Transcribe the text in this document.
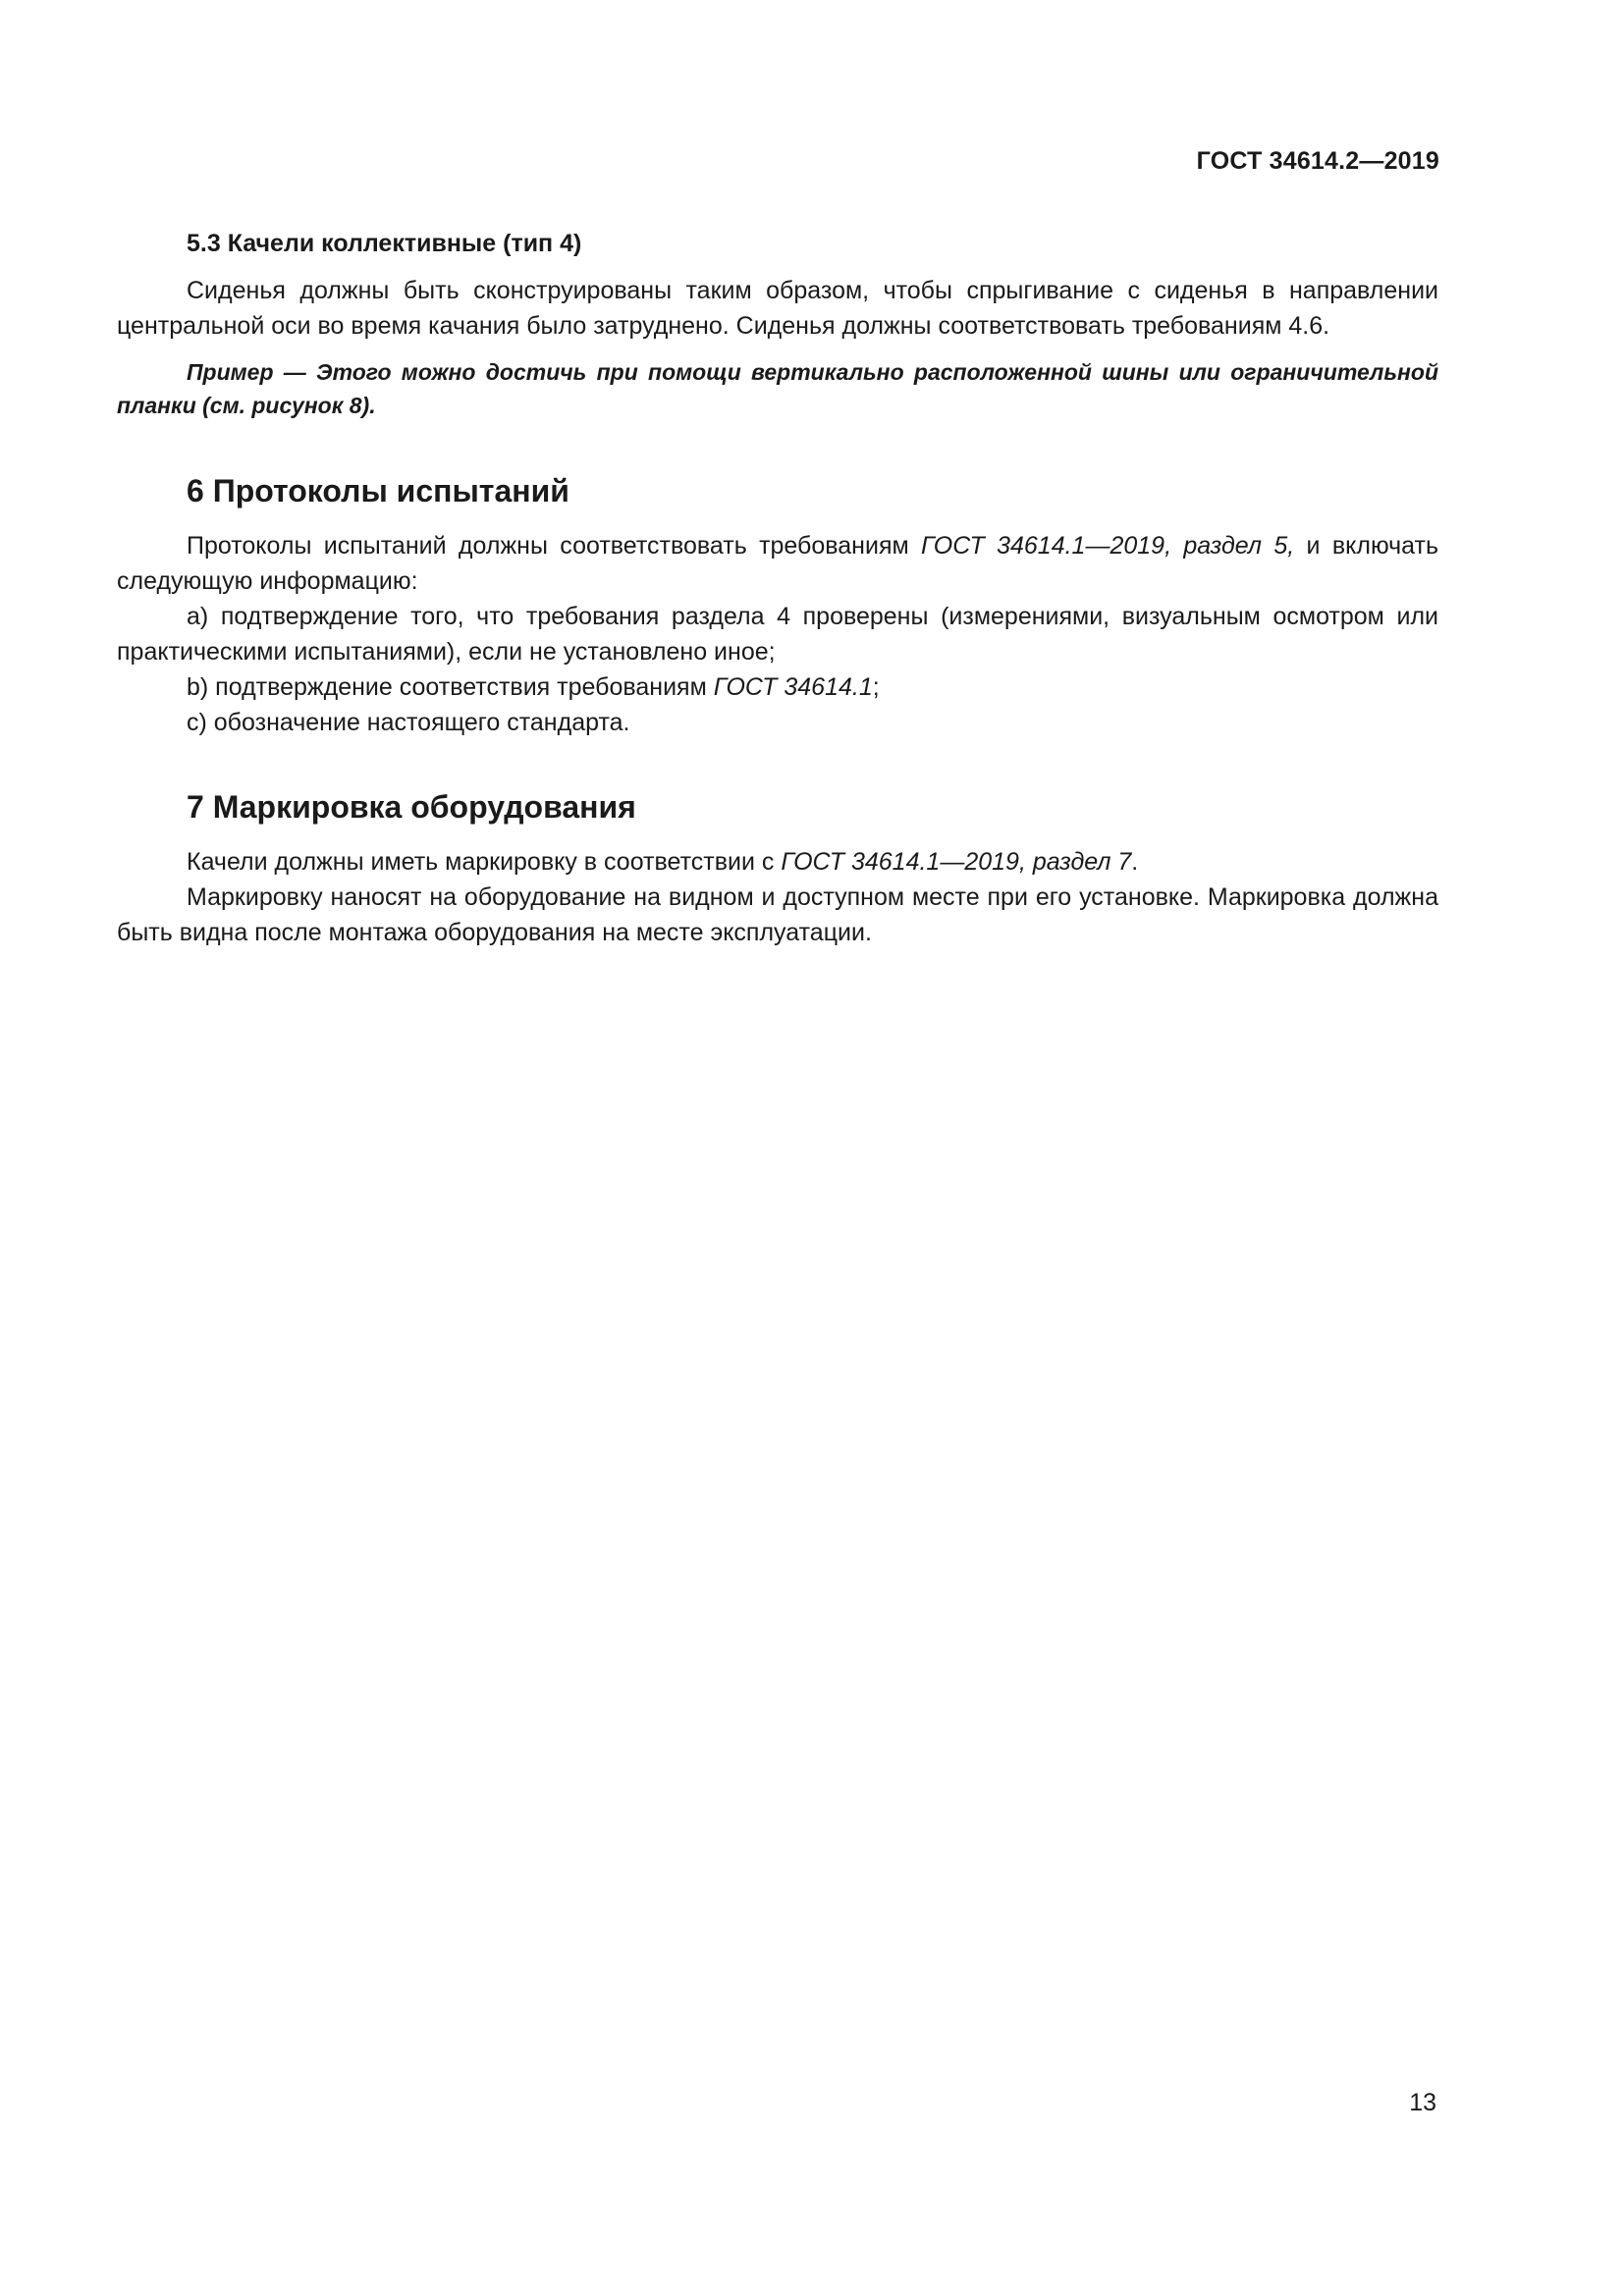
ГОСТ 34614.2—2019
5.3 Качели коллективные (тип 4)

Сиденья должны быть сконструированы таким образом, чтобы спрыгивание с сиденья в направлении центральной оси во время качания было затруднено. Сиденья должны соответствовать требованиям 4.6.

Пример — Этого можно достичь при помощи вертикально расположенной шины или ограничительной планки (см. рисунок 8).

6 Протоколы испытаний

Протоколы испытаний должны соответствовать требованиям ГОСТ 34614.1—2019, раздел 5, и включать следующую информацию:

а) подтверждение того, что требования раздела 4 проверены (измерениями, визуальным осмотром или практическими испытаниями), если не установлено иное;

b) подтверждение соответствия требованиям ГОСТ 34614.1;

с) обозначение настоящего стандарта.

7 Маркировка оборудования

Качели должны иметь маркировку в соответствии с ГОСТ 34614.1—2019, раздел 7.

Маркировку наносят на оборудование на видном и доступном месте при его установке. Маркировка должна быть видна после монтажа оборудования на месте эксплуатации.

13
